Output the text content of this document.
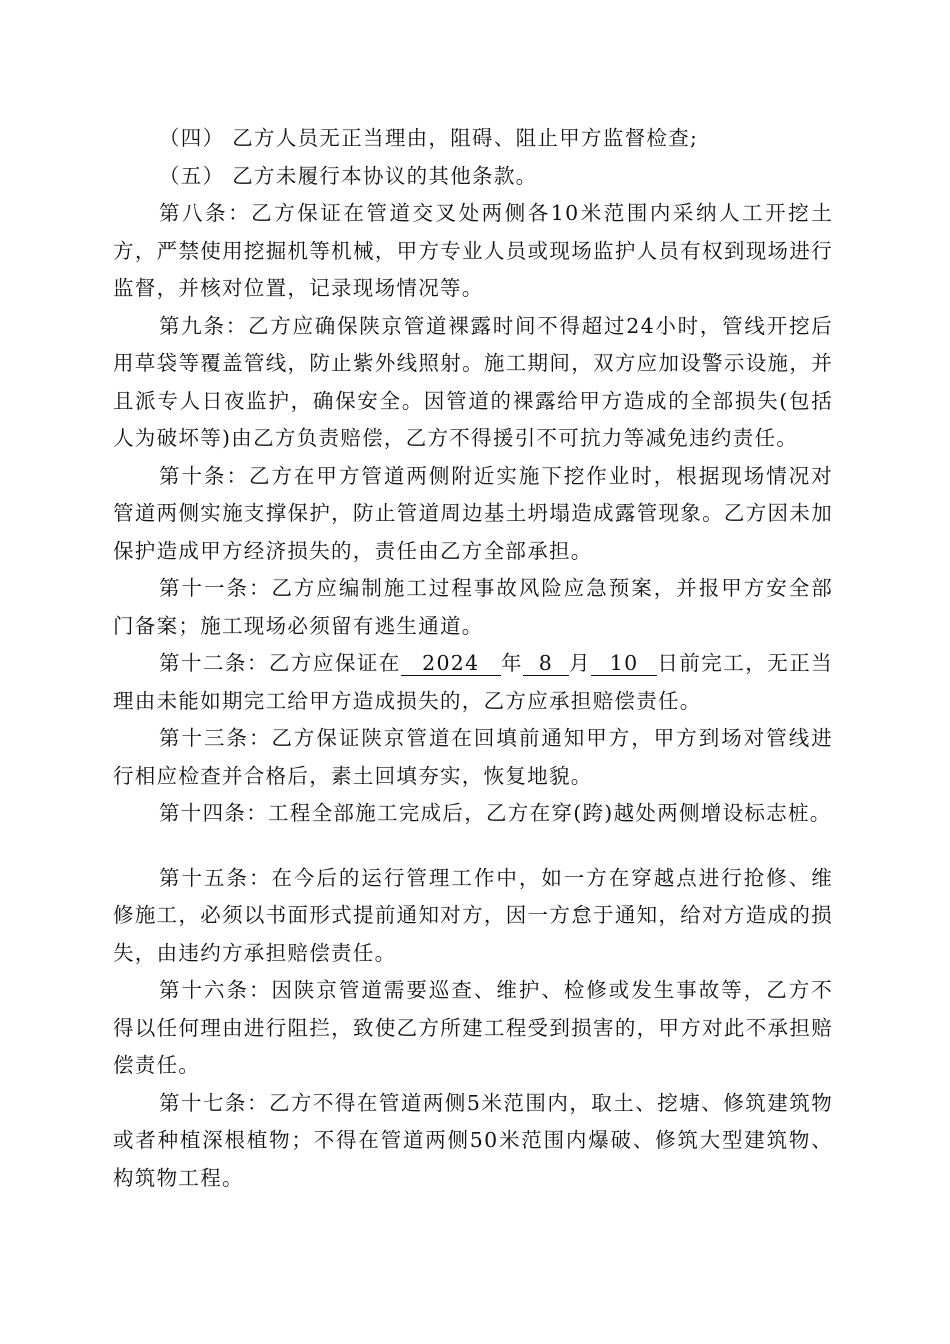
（四） 乙方人员无正当理由，阻碍、阻止甲方监督检查;

（五） 乙方未履行本协议的其他条款。

第八条：乙方保证在管道交叉处两侧各10米范围内采纳人工开挖土方，严禁使用挖掘机等机械，甲方专业人员或现场监护人员有权到现场进行监督，并核对位置，记录现场情况等。

第九条：乙方应确保陕京管道裸露时间不得超过24小时，管线开挖后用草袋等覆盖管线，防止紫外线照射。施工期间，双方应加设警示设施，并且派专人日夜监护，确保安全。因管道的裸露给甲方造成的全部损失(包括人为破坏等)由乙方负责赔偿，乙方不得援引不可抗力等减免违约责任。

第十条：乙方在甲方管道两侧附近实施下挖作业时，根据现场情况对管道两侧实施支撑保护，防止管道周边基土坍塌造成露管现象。乙方因未加保护造成甲方经济损失的，责任由乙方全部承担。

第十一条：乙方应编制施工过程事故风险应急预案，并报甲方安全部门备案；施工现场必须留有逃生通道。

第十二条：乙方应保证在 2024 年 8 月 10 日前完工，无正当理由未能如期完工给甲方造成损失的，乙方应承担赔偿责任。

第十三条：乙方保证陕京管道在回填前通知甲方，甲方到场对管线进行相应检查并合格后，素土回填夯实，恢复地貌。

第十四条：工程全部施工完成后，乙方在穿(跨)越处两侧增设标志桩。

第十五条：在今后的运行管理工作中，如一方在穿越点进行抢修、维修施工，必须以书面形式提前通知对方，因一方怠于通知，给对方造成的损失，由违约方承担赔偿责任。

第十六条：因陕京管道需要巡查、维护、检修或发生事故等，乙方不得以任何理由进行阻拦，致使乙方所建工程受到损害的，甲方对此不承担赔偿责任。

第十七条：乙方不得在管道两侧5米范围内，取土、挖塘、修筑建筑物或者种植深根植物；不得在管道两侧50米范围内爆破、修筑大型建筑物、构筑物工程。
